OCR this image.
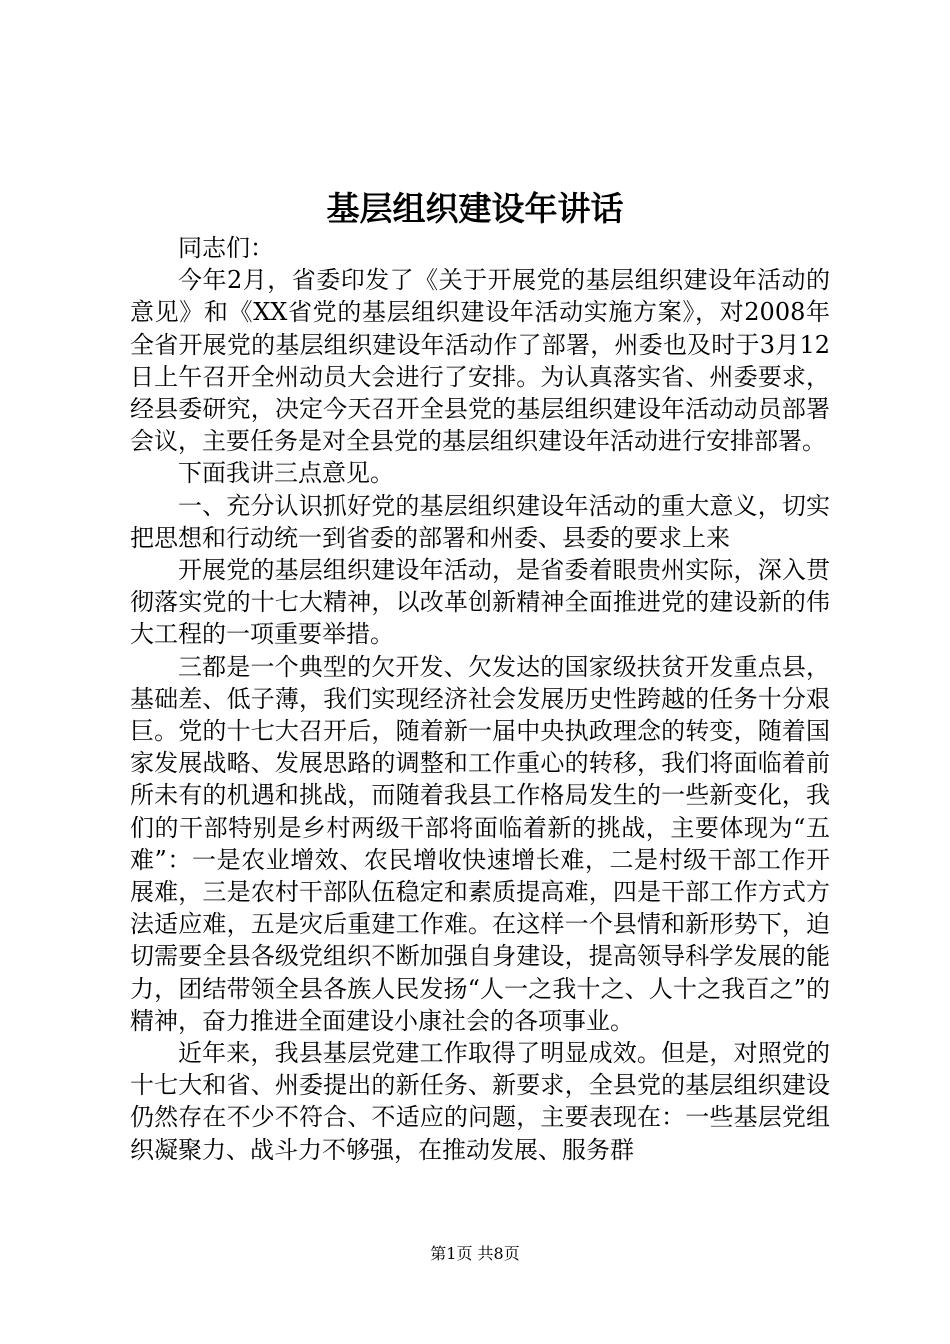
基层组织建设年讲话

同志们：

今年2月，省委印发了《关于开展党的基层组织建设年活动的意见》和《XX省党的基层组织建设年活动实施方案》，对2008年全省开展党的基层组织建设年活动作了部署，州委也及时于3月12日上午召开全州动员大会进行了安排。为认真落实省、州委要求，经县委研究，决定今天召开全县党的基层组织建设年活动动员部署会议，主要任务是对全县党的基层组织建设年活动进行安排部署。

下面我讲三点意见。

一、充分认识抓好党的基层组织建设年活动的重大意义，切实把思想和行动统一到省委的部署和州委、县委的要求上来

开展党的基层组织建设年活动，是省委着眼贵州实际，深入贯彻落实党的十七大精神，以改革创新精神全面推进党的建设新的伟大工程的一项重要举措。

三都是一个典型的欠开发、欠发达的国家级扶贫开发重点县，基础差、低子薄，我们实现经济社会发展历史性跨越的任务十分艰巨。党的十七大召开后，随着新一届中央执政理念的转变，随着国家发展战略、发展思路的调整和工作重心的转移，我们将面临着前所未有的机遇和挑战，而随着我县工作格局发生的一些新变化，我们的干部特别是乡村两级干部将面临着新的挑战，主要体现为“五难”：一是农业增效、农民增收快速增长难，二是村级干部工作开展难，三是农村干部队伍稳定和素质提高难，四是干部工作方式方法适应难，五是灾后重建工作难。在这样一个县情和新形势下，迫切需要全县各级党组织不断加强自身建设，提高领导科学发展的能力，团结带领全县各族人民发扬“人一之我十之、人十之我百之”的精神，奋力推进全面建设小康社会的各项事业。

近年来，我县基层党建工作取得了明显成效。但是，对照党的十七大和省、州委提出的新任务、新要求，全县党的基层组织建设仍然存在不少不符合、不适应的问题，主要表现在：一些基层党组织凝聚力、战斗力不够强，在推动发展、服务群

第1页 共8页
